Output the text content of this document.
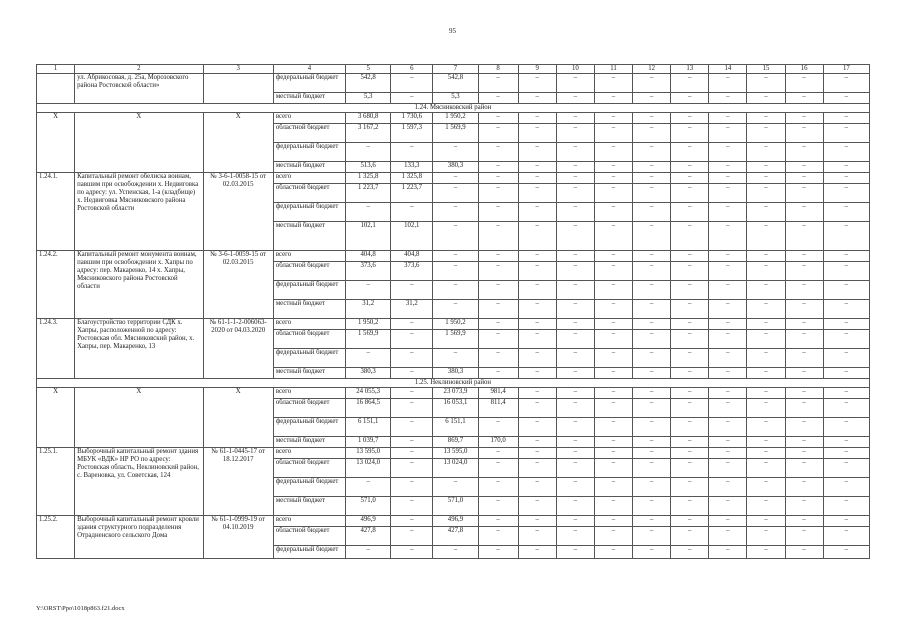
95
1	2	3	4	5	6	7	8	9	10	11	12	13	14	15	16	17
	ул. Абрикосовая, д. 25а, Морозовского района Ростовской области»		федеральный бюджет	542,8	–	542,8	–	–	–	–	–	–	–	–	–	–
			местный бюджет	5,3	–	5,3	–	–	–	–	–	–	–	–	–	–
1.24. Мясниковский район																
Х	Х	Х	всего	3 680,8	1 730,6	1 950,2	–	–	–	–	–	–	–	–	–	–
			областной бюджет	3 167,2	1 597,3	1 569,9	–	–	–	–	–	–	–	–	–	–
			федеральный бюджет	–	–	–	–	–	–	–	–	–	–	–	–	–
			местный бюджет	513,6	133,3	380,3	–	–	–	–	–	–	–	–	–	–
1.24.1.	Капитальный ремонт обелиска воинам, павшим при освобождении х. Недвиговка по адресу: ул. Успенская, 1-а (кладбище) х. Недвиговка Мясниковского района Ростовской области	№ 3-6-1-0058-15 от 02.03.2015	всего	1 325,8	1 325,8	–	–	–	–	–	–	–	–	–	–	–
			областной бюджет	1 223,7	1 223,7	–	–	–	–	–	–	–	–	–	–	–
			федеральный бюджет	–	–	–	–	–	–	–	–	–	–	–	–	–
			местный бюджет	102,1	102,1	–	–	–	–	–	–	–	–	–	–	–
1.24.2.	Капитальный ремонт монумента воинам, павшим при освобождении х. Хапры по адресу: пер. Макаренко, 14 х. Хапры, Мясниковского района Ростовской области	№ 3-6-1-0059-15 от 02.03.2015	всего	404,8	404,8	–	–	–	–	–	–	–	–	–	–	–
			областной бюджет	373,6	373,6	–	–	–	–	–	–	–	–	–	–	–
			федеральный бюджет	–	–	–	–	–	–	–	–	–	–	–	–	–
			местный бюджет	31,2	31,2	–	–	–	–	–	–	–	–	–	–	–
1.24.3.	Благоустройство территории СДК х. Хапры, расположенной по адресу: Ростовская обл. Мясниковский район, х. Хапры, пер. Макаренко, 13	№ 61-1-1-2-006063-2020 от 04.03.2020	всего	1 950,2	–	1 950,2	–	–	–	–	–	–	–	–	–	–
			областной бюджет	1 569,9	–	1 569,9	–	–	–	–	–	–	–	–	–	–
			федеральный бюджет	–	–	–	–	–	–	–	–	–	–	–	–	–
			местный бюджет	380,3	–	380,3	–	–	–	–	–	–	–	–	–	–
1.25. Неклиновский район																
Х	Х	Х	всего	24 055,3	–	23 073,9	981,4	–	–	–	–	–	–	–	–	–
			областной бюджет	16 864,5	–	16 053,1	811,4	–	–	–	–	–	–	–	–	–
			федеральный бюджет	6 151,1	–	6 151,1	–	–	–	–	–	–	–	–	–	–
			местный бюджет	1 039,7	–	869,7	170,0	–	–	–	–	–	–	–	–	–
1.25.1.	Выборочный капитальный ремонт здания МБУК «ВДК» НР РО по адресу: Ростовская область, Неклиновский район, с. Вареновка, ул. Советская, 124	№ 61-1-0445-17 от 18.12.2017	всего	13 595,0	–	13 595,0	–	–	–	–	–	–	–	–	–	–
			областной бюджет	13 024,0	–	13 024,0	–	–	–	–	–	–	–	–	–	–
			федеральный бюджет	–	–	–	–	–	–	–	–	–	–	–	–	–
			местный бюджет	571,0	–	571,0	–	–	–	–	–	–	–	–	–	–
1.25.2.	Выборочный капитальный ремонт кровли здания структурного подразделения Отрадненского сельского Дома	№ 61-1-0999-19 от 04.10.2019	всего	496,9	–	496,9	–	–	–	–	–	–	–	–	–	–
			областной бюджет	427,8	–	427,8	–	–	–	–	–	–	–	–	–	–
			федеральный бюджет	–	–	–	–	–	–	–	–	–	–	–	–	–
Y:\ORST\Ppo\1018p863.f21.docx
